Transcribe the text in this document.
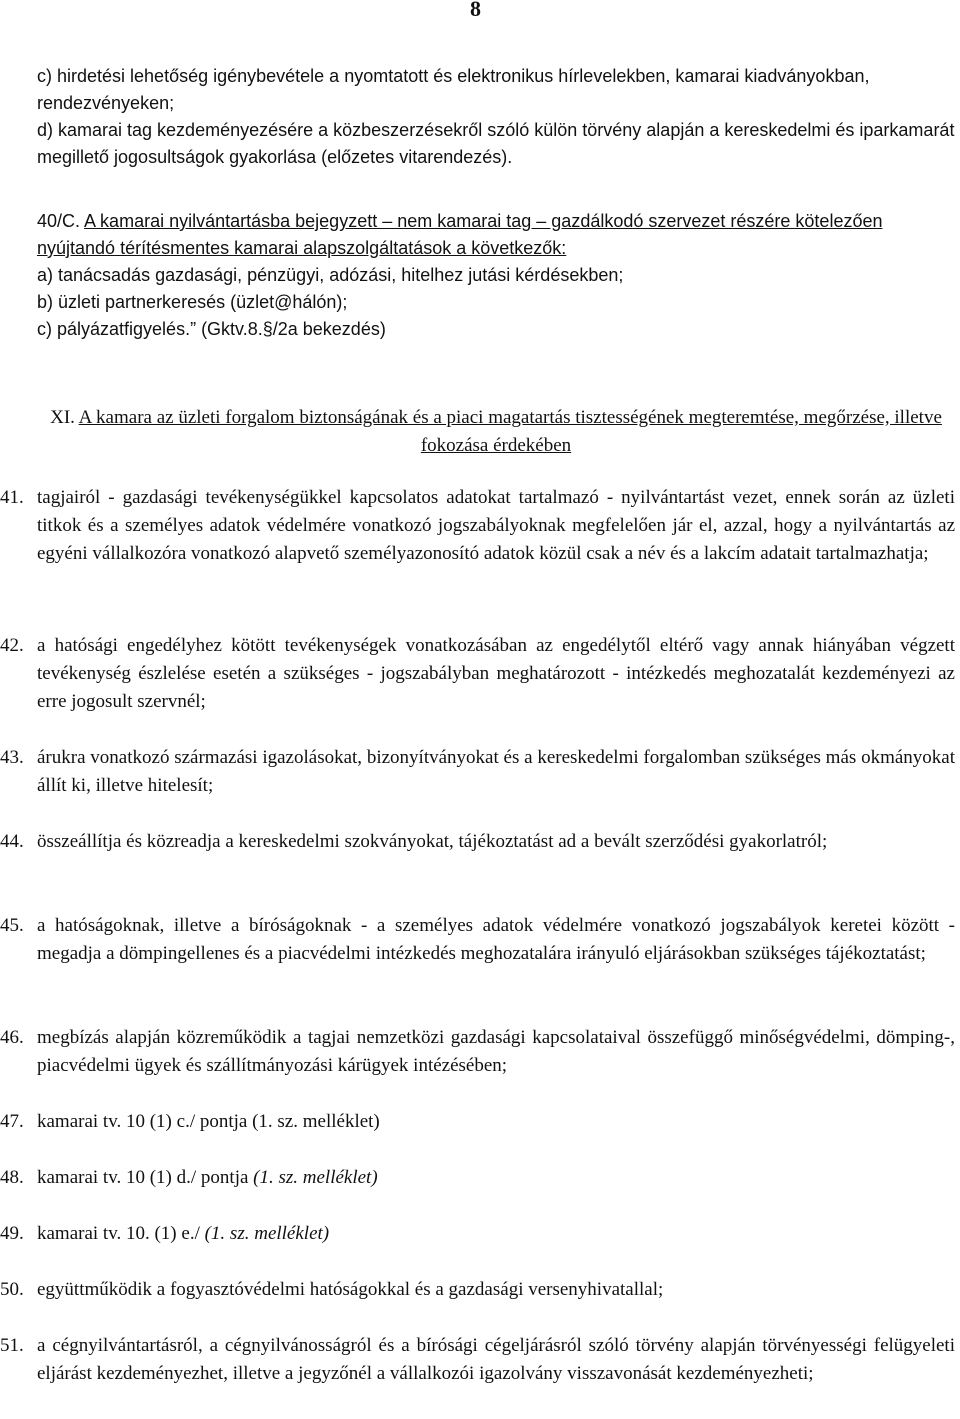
8

c) hirdetési lehetőség igénybevétele a nyomtatott és elektronikus hírlevelekben, kamarai kiadványokban, rendezvényeken;

d) kamarai tag kezdeményezésére a közbeszerzésekről szóló külön törvény alapján a kereskedelmi és iparkamarát megillető jogosultságok gyakorlása (előzetes vitarendezés).

40/C. A kamarai nyilvántartásba bejegyzett – nem kamarai tag – gazdálkodó szervezet részére kötelezően nyújtandó térítésmentes kamarai alapszolgáltatások a következők:

a) tanácsadás gazdasági, pénzügyi, adózási, hitelhez jutási kérdésekben;

b) üzleti partnerkeresés (üzlet@hálón);

c) pályázatfigyelés.” (Gktv.8.§/2a bekezdés)

XI. A kamara az üzleti forgalom biztonságának és a piaci magatartás tisztességének megteremtése, megőrzése, illetve fokozása érdekében

41. tagjairól - gazdasági tevékenységükkel kapcsolatos adatokat tartalmazó - nyilvántartást vezet, ennek során az üzleti titkok és a személyes adatok védelmére vonatkozó jogszabályoknak megfelelően jár el, azzal, hogy a nyilvántartás az egyéni vállalkozóra vonatkozó alapvető személyazonosító adatok közül csak a név és a lakcím adatait tartalmazhatja;

42. a hatósági engedélyhez kötött tevékenységek vonatkozásában az engedélytől eltérő vagy annak hiányában végzett tevékenység észlelése esetén a szükséges - jogszabályban meghatározott - intézkedés meghozatalát kezdeményezi az erre jogosult szervnél;

43. árukra vonatkozó származási igazolásokat, bizonyítványokat és a kereskedelmi forgalomban szükséges más okmányokat állít ki, illetve hitelesít;

44. összeállítja és közreadja a kereskedelmi szokványokat, tájékoztatást ad a bevált szerződési gyakorlatról;

45. a hatóságoknak, illetve a bíróságoknak - a személyes adatok védelmére vonatkozó jogszabályok keretei között - megadja a dömpingellenes és a piacvédelmi intézkedés meghozatalára irányuló eljárásokban szükséges tájékoztatást;

46. megbízás alapján közreműködik a tagjai nemzetközi gazdasági kapcsolataival összefüggő minőségvédelmi, dömping-, piacvédelmi ügyek és szállítmányozási kárügyek intézésében;

47. kamarai tv. 10 (1) c./ pontja (1. sz. melléklet)

48. kamarai tv. 10 (1) d./ pontja (1. sz. melléklet)

49. kamarai tv. 10. (1) e./ (1. sz. melléklet)

50. együttműködik a fogyasztóvédelmi hatóságokkal és a gazdasági versenyhivatallal;

51. a cégnyilvántartásról, a cégnyilvánosságról és a bírósági cégeljárásról szóló törvény alapján törvényességi felügyeleti eljárást kezdeményezhet, illetve a jegyzőnél a vállalkozói igazolvány visszavonását kezdeményezheti;
